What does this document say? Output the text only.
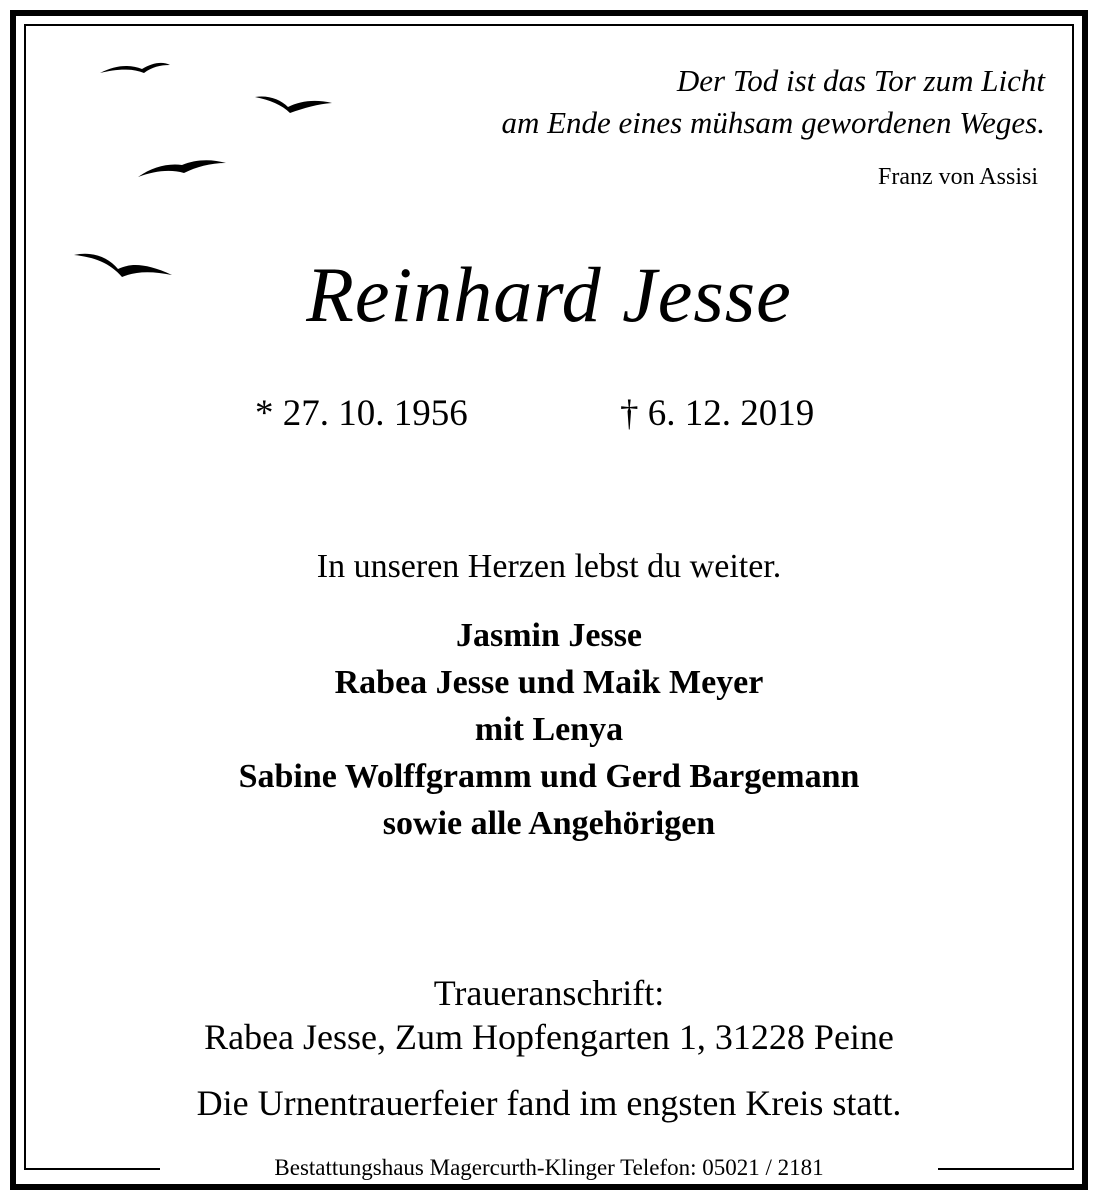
Der Tod ist das Tor zum Licht
am Ende eines mühsam gewordenen Weges.
Franz von Assisi
Reinhard Jesse
* 27. 10. 1956	† 6. 12. 2019
In unseren Herzen lebst du weiter.
Jasmin Jesse
Rabea Jesse und Maik Meyer
mit Lenya
Sabine Wolffgramm und Gerd Bargemann
sowie alle Angehörigen
Traueranschrift:
Rabea Jesse, Zum Hopfengarten 1, 31228 Peine
Die Urnentrauerfeier fand im engsten Kreis statt.
Bestattungshaus Magercurth-Klinger Telefon: 05021 / 2181
